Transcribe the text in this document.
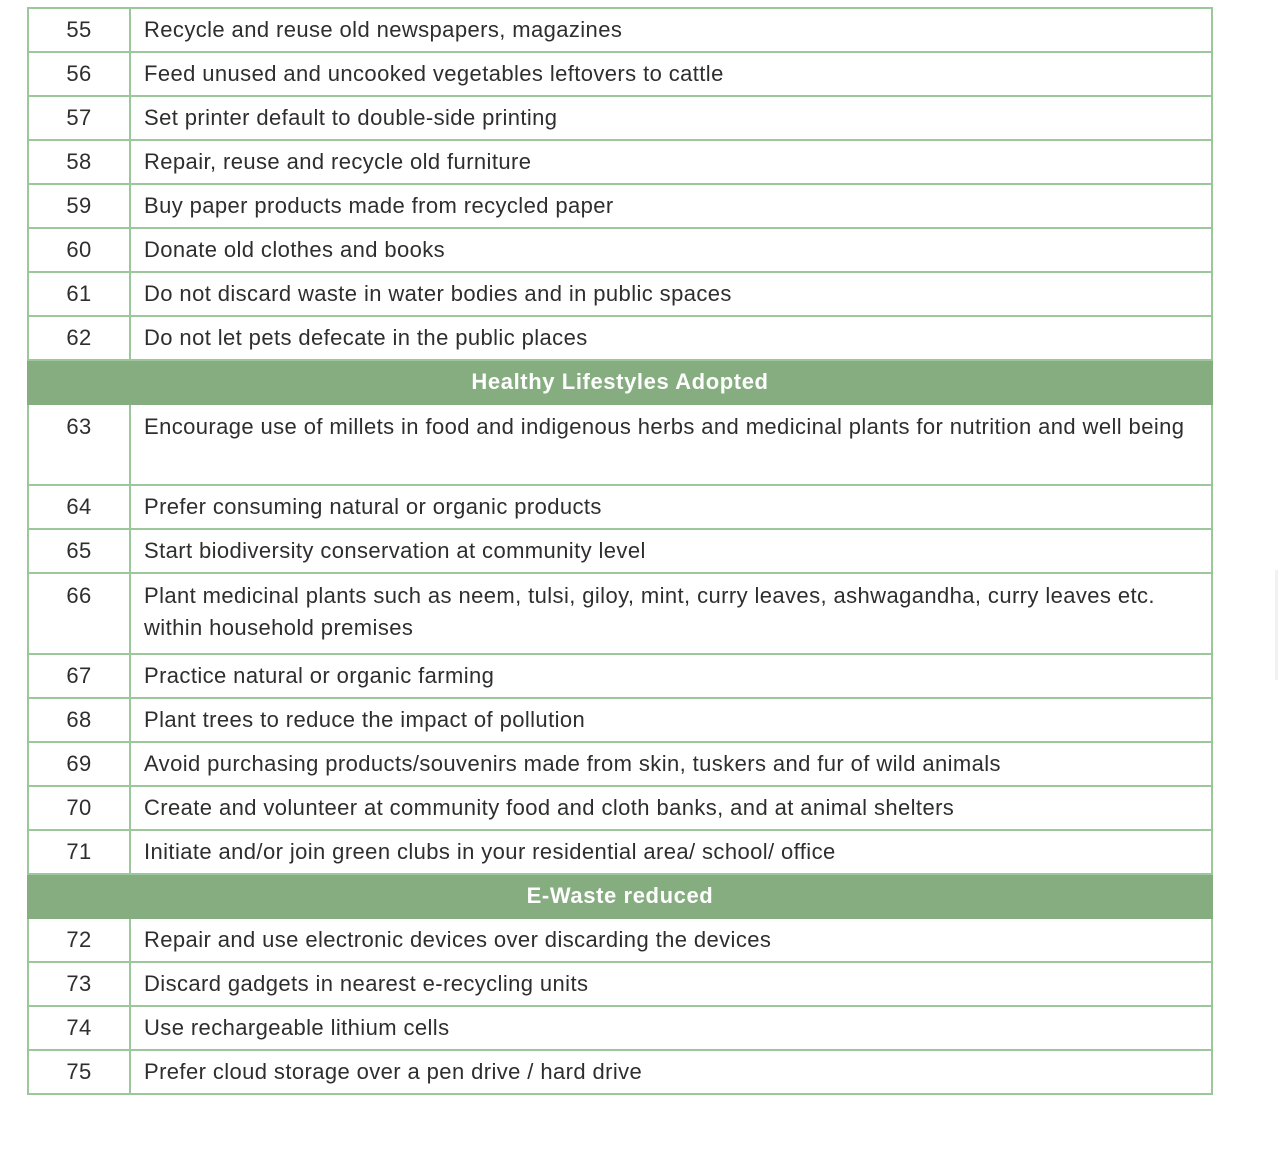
55	Recycle and reuse old newspapers, magazines
56	Feed unused and uncooked vegetables leftovers to cattle
57	Set printer default to double-side printing
58	Repair, reuse and recycle old furniture
59	Buy paper products made from recycled paper
60	Donate old clothes and books
61	Do not discard waste in water bodies and in public spaces
62	Do not let pets defecate in the public places
Healthy Lifestyles Adopted	
63	Encourage use of millets in food and indigenous herbs and medicinal plants for nutrition and well being
64	Prefer consuming natural or organic products
65	Start biodiversity conservation at community level
66	Plant medicinal plants such as neem, tulsi, giloy, mint, curry leaves, ashwagandha, curry leaves etc. within household premises
67	Practice natural or organic farming
68	Plant trees to reduce the impact of pollution
69	Avoid purchasing products/souvenirs made from skin, tuskers and fur of wild animals
70	Create and volunteer at community food and cloth banks, and at animal shelters
71	Initiate and/or join green clubs in your residential area/ school/ office
E-Waste reduced	
72	Repair and use electronic devices over discarding the devices
73	Discard gadgets in nearest e-recycling units
74	Use rechargeable lithium cells
75	Prefer cloud storage over a pen drive / hard drive
